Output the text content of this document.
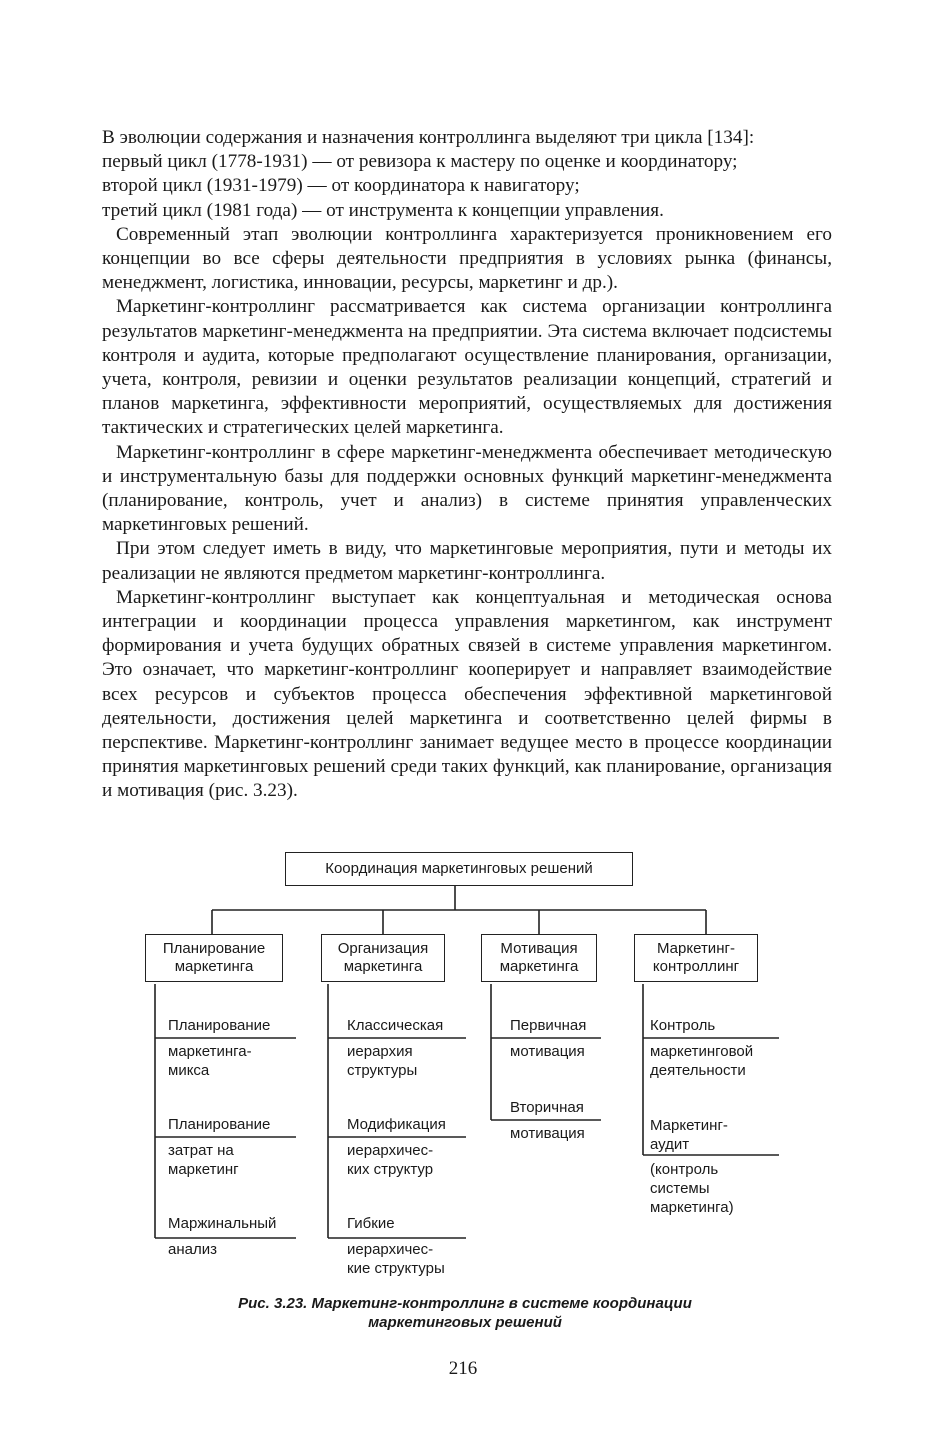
В эволюции содержания и назначения контроллинга выделяют три цикла [134]:

первый цикл (1778-1931) — от ревизора к мастеру по оценке и координатору;

второй цикл (1931-1979) — от координатора к навигатору;

третий цикл (1981 года) — от инструмента к концепции управления.

Современный этап эволюции контроллинга характеризуется проникновением его концепции во все сферы деятельности предприятия в условиях рынка (финансы, менеджмент, логистика, инновации, ресурсы, маркетинг и др.).

Маркетинг-контроллинг рассматривается как система организации контроллинга результатов маркетинг-менеджмента на предприятии. Эта система включает подсистемы контроля и аудита, которые предполагают осуществление планирования, организации, учета, контроля, ревизии и оценки результатов реализации концепций, стратегий и планов маркетинга, эффективности мероприятий, осуществляемых для достижения тактических и стратегических целей маркетинга.

Маркетинг-контроллинг в сфере маркетинг-менеджмента обеспечивает методическую и инструментальную базы для поддержки основных функций маркетинг-менеджмента (планирование, контроль, учет и анализ) в системе принятия управленческих маркетинговых решений.

При этом следует иметь в виду, что маркетинговые мероприятия, пути и методы их реализации не являются предметом маркетинг-контроллинга.

Маркетинг-контроллинг выступает как концептуальная и методическая основа интеграции и координации процесса управления маркетингом, как инструмент формирования и учета будущих обратных связей в системе управления маркетингом. Это означает, что маркетинг-контроллинг кооперирует и направляет взаимодействие всех ресурсов и субъектов процесса обеспечения эффективной маркетинговой деятельности, достижения целей маркетинга и соответственно целей фирмы в перспективе. Маркетинг-контроллинг занимает ведущее место в процессе координации принятия маркетинговых решений среди таких функций, как планирование, организация и мотивация (рис. 3.23).

Координация маркетинговых решений
Планирование
маркетинга
Организация
маркетинга
Мотивация
маркетинга
Маркетинг-
контроллинг
Планирование
маркетинга-
микса
Планирование
затрат на
маркетинг
Маржинальный
анализ
Классическая
иерархия
структуры
Модификация
иерархичес-
ких структур
Гибкие
иерархичес-
кие структуры
Первичная
мотивация
Вторичная
мотивация
Контроль
маркетинговой
деятельности
Маркетинг-
аудит
(контроль
системы
маркетинга)
Рис. 3.23. Маркетинг-контроллинг в системе координации
маркетинговых решений
216
